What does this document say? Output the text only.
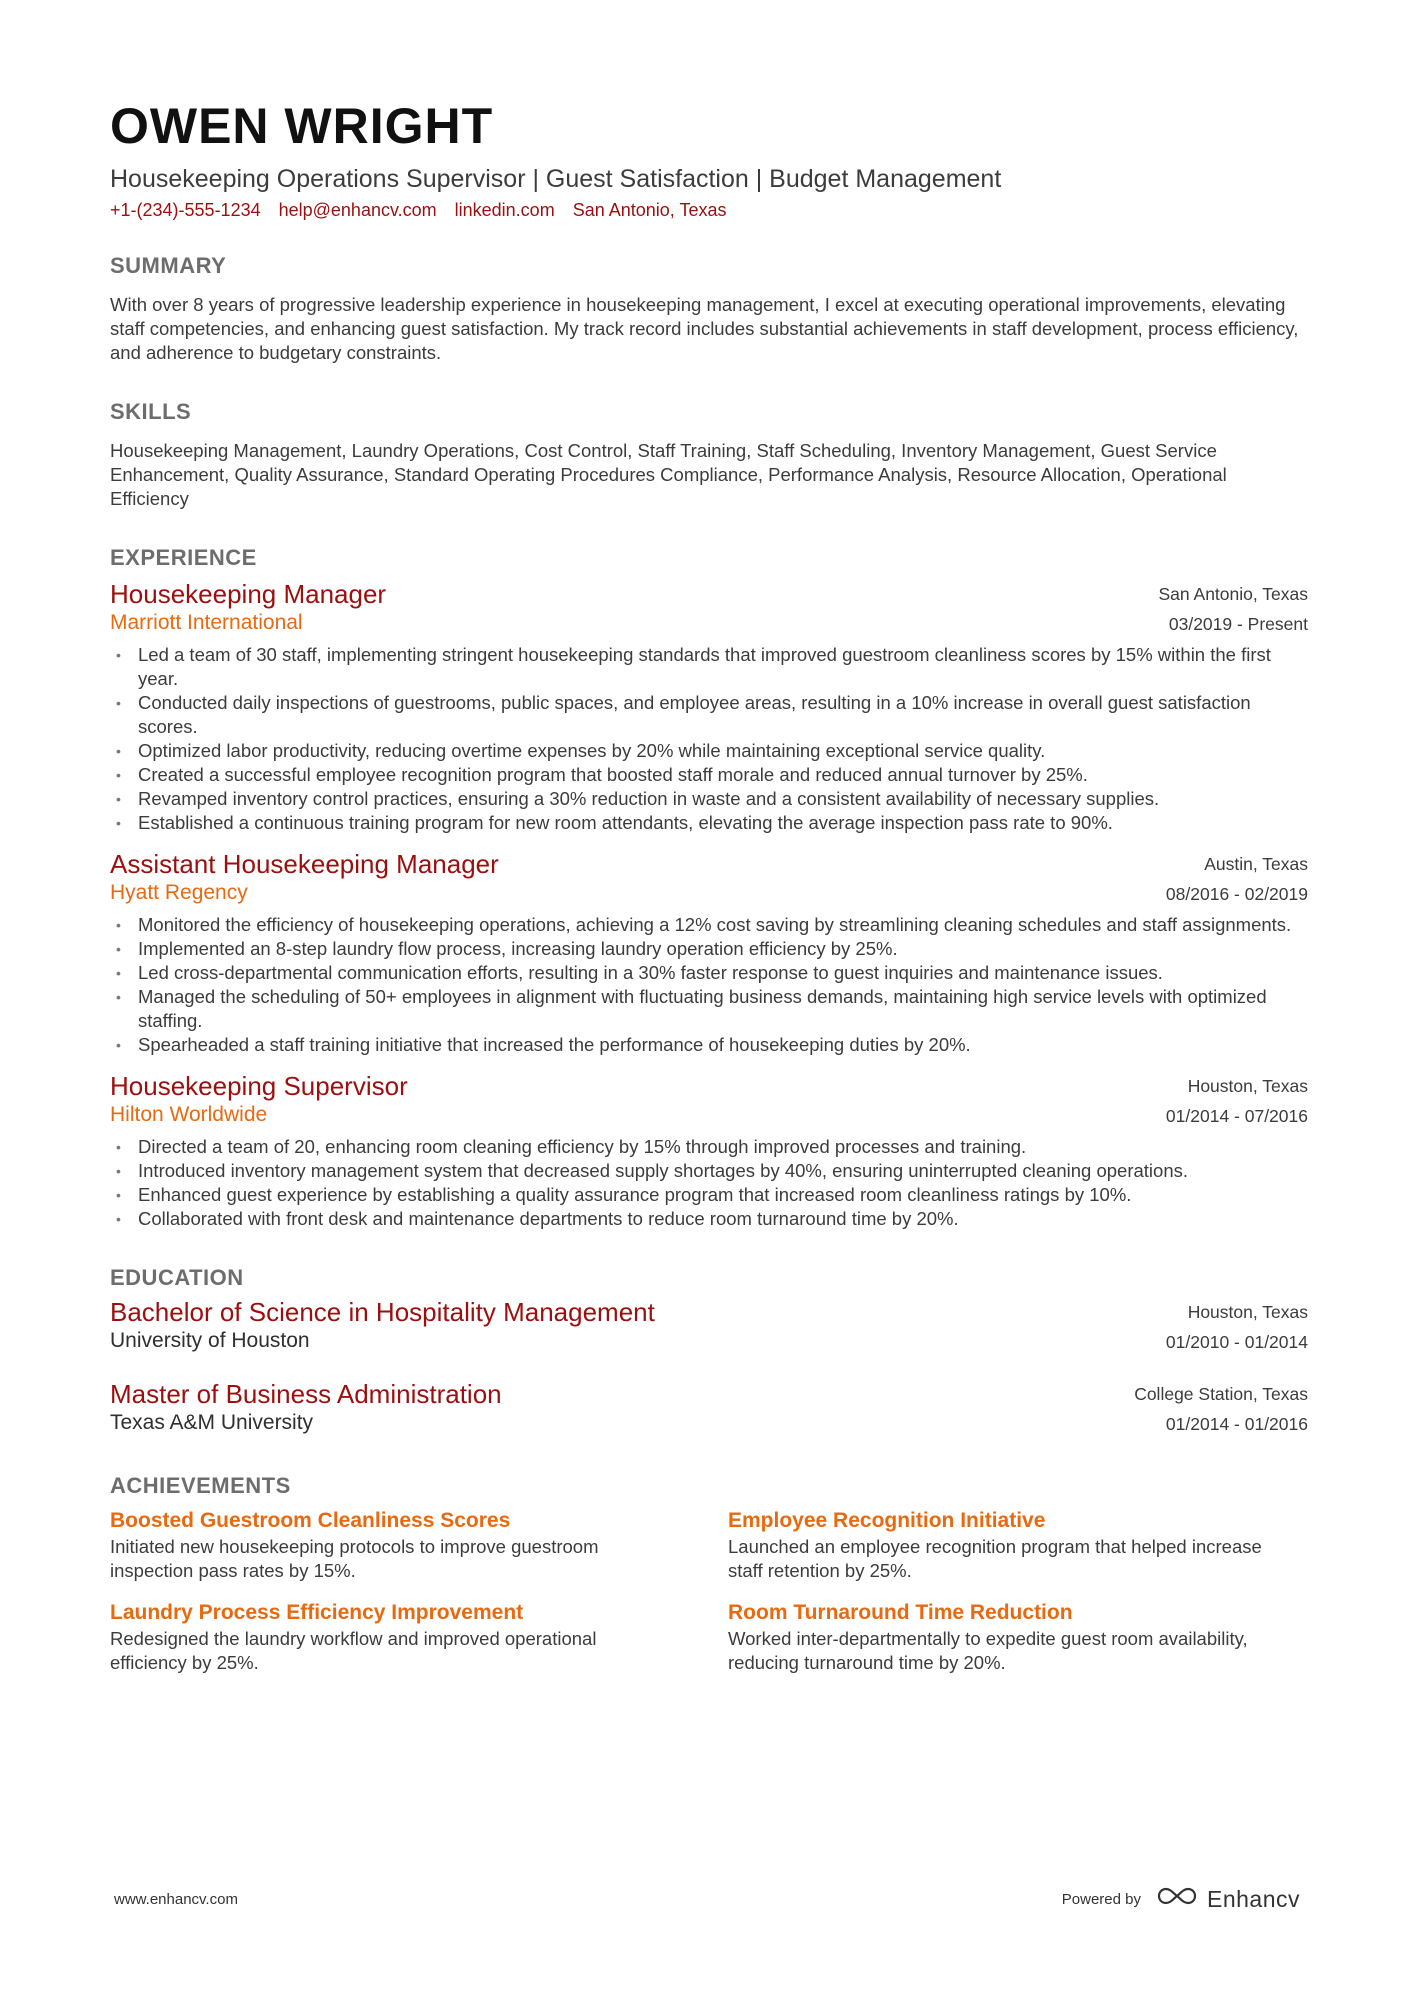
OWEN WRIGHT
Housekeeping Operations Supervisor | Guest Satisfaction | Budget Management
+1-(234)-555-1234 help@enhancv.com linkedin.com San Antonio, Texas
SUMMARY
With over 8 years of progressive leadership experience in housekeeping management, I excel at executing operational improvements, elevating staff competencies, and enhancing guest satisfaction. My track record includes substantial achievements in staff development, process efficiency, and adherence to budgetary constraints.
SKILLS
Housekeeping Management, Laundry Operations, Cost Control, Staff Training, Staff Scheduling, Inventory Management, Guest Service Enhancement, Quality Assurance, Standard Operating Procedures Compliance, Performance Analysis, Resource Allocation, Operational Efficiency
EXPERIENCE
Housekeeping Manager
Marriott International
San Antonio, Texas
03/2019 - Present
• Led a team of 30 staff, implementing stringent housekeeping standards that improved guestroom cleanliness scores by 15% within the first year.
• Conducted daily inspections of guestrooms, public spaces, and employee areas, resulting in a 10% increase in overall guest satisfaction scores.
• Optimized labor productivity, reducing overtime expenses by 20% while maintaining exceptional service quality.
• Created a successful employee recognition program that boosted staff morale and reduced annual turnover by 25%.
• Revamped inventory control practices, ensuring a 30% reduction in waste and a consistent availability of necessary supplies.
• Established a continuous training program for new room attendants, elevating the average inspection pass rate to 90%.
Assistant Housekeeping Manager
Hyatt Regency
Austin, Texas
08/2016 - 02/2019
• Monitored the efficiency of housekeeping operations, achieving a 12% cost saving by streamlining cleaning schedules and staff assignments.
• Implemented an 8-step laundry flow process, increasing laundry operation efficiency by 25%.
• Led cross-departmental communication efforts, resulting in a 30% faster response to guest inquiries and maintenance issues.
• Managed the scheduling of 50+ employees in alignment with fluctuating business demands, maintaining high service levels with optimized staffing.
• Spearheaded a staff training initiative that increased the performance of housekeeping duties by 20%.
Housekeeping Supervisor
Hilton Worldwide
Houston, Texas
01/2014 - 07/2016
• Directed a team of 20, enhancing room cleaning efficiency by 15% through improved processes and training.
• Introduced inventory management system that decreased supply shortages by 40%, ensuring uninterrupted cleaning operations.
• Enhanced guest experience by establishing a quality assurance program that increased room cleanliness ratings by 10%.
• Collaborated with front desk and maintenance departments to reduce room turnaround time by 20%.
EDUCATION
Bachelor of Science in Hospitality Management
University of Houston
Houston, Texas
01/2010 - 01/2014
Master of Business Administration
Texas A&M University
College Station, Texas
01/2014 - 01/2016
ACHIEVEMENTS
Boosted Guestroom Cleanliness Scores
Initiated new housekeeping protocols to improve guestroom inspection pass rates by 15%.
Employee Recognition Initiative
Launched an employee recognition program that helped increase staff retention by 25%.
Laundry Process Efficiency Improvement
Redesigned the laundry workflow and improved operational efficiency by 25%.
Room Turnaround Time Reduction
Worked inter-departmentally to expedite guest room availability, reducing turnaround time by 20%.
www.enhancv.com	Powered by	Enhancv
